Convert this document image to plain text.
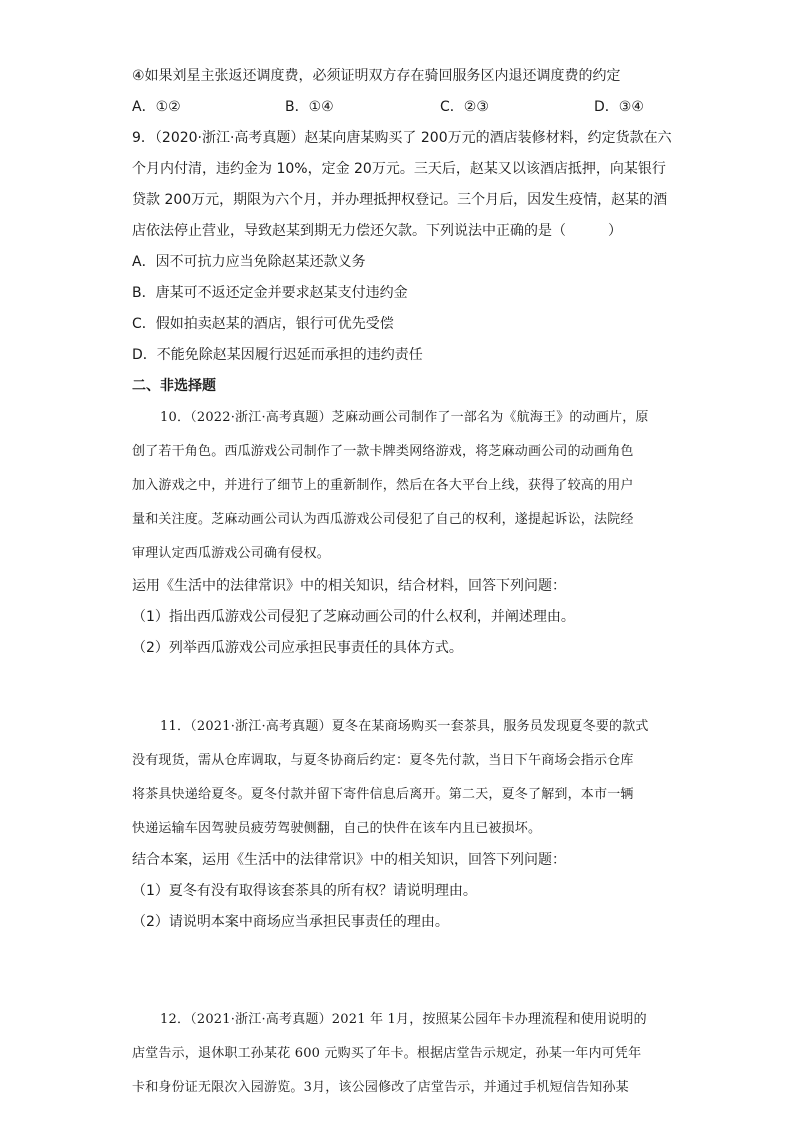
④如果刘星主张返还调度费，必须证明双方存在骑回服务区内退还调度费的约定
A．①②	B．①④	C．②③	D．③④
9．（2020·浙江·高考真题）赵某向唐某购买了 200万元的酒店装修材料，约定货款在六
个月内付清，违约金为 10%，定金 20万元。三天后，赵某又以该酒店抵押，向某银行
贷款 200万元，期限为六个月，并办理抵押权登记。三个月后，因发生疫情，赵某的酒
店依法停止营业，导致赵某到期无力偿还欠款。下列说法中正确的是（　　　）
A．因不可抗力应当免除赵某还款义务
B．唐某可不返还定金并要求赵某支付违约金
C．假如拍卖赵某的酒店，银行可优先受偿
D．不能免除赵某因履行迟延而承担的违约责任
二、非选择题
10．（2022·浙江·高考真题）芝麻动画公司制作了一部名为《航海王》的动画片，原
创了若干角色。西瓜游戏公司制作了一款卡牌类网络游戏，将芝麻动画公司的动画角色
加入游戏之中，并进行了细节上的重新制作，然后在各大平台上线，获得了较高的用户
量和关注度。芝麻动画公司认为西瓜游戏公司侵犯了自己的权利，遂提起诉讼，法院经
审理认定西瓜游戏公司确有侵权。
运用《生活中的法律常识》中的相关知识，结合材料，回答下列问题：
（1）指出西瓜游戏公司侵犯了芝麻动画公司的什么权利，并阐述理由。
（2）列举西瓜游戏公司应承担民事责任的具体方式。
11．（2021·浙江·高考真题）夏冬在某商场购买一套茶具，服务员发现夏冬要的款式
没有现货，需从仓库调取，与夏冬协商后约定：夏冬先付款，当日下午商场会指示仓库
将茶具快递给夏冬。夏冬付款并留下寄件信息后离开。第二天，夏冬了解到，本市一辆
快递运输车因驾驶员疲劳驾驶侧翻，自己的快件在该车内且已被损坏。
结合本案，运用《生活中的法律常识》中的相关知识，回答下列问题：
（1）夏冬有没有取得该套茶具的所有权？请说明理由。
（2）请说明本案中商场应当承担民事责任的理由。
12．（2021·浙江·高考真题）2021 年 1月，按照某公园年卡办理流程和使用说明的
店堂告示，退休职工孙某花 600 元购买了年卡。根据店堂告示规定，孙某一年内可凭年
卡和身份证无限次入园游览。3月，该公园修改了店堂告示，并通过手机短信告知孙某
